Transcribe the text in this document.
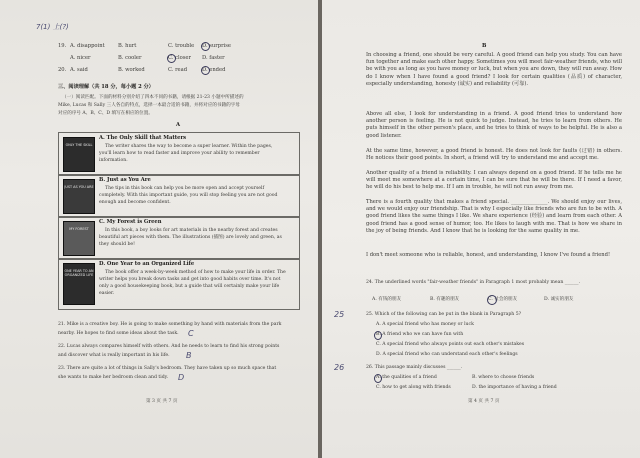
7(1) 上(?)
19. A. disappoint	B. hurt	C. trouble D. surprise
A. nicer	B. cooler	C. closer D. faster
20. A. said	B. worked	C. read	D. ended
三、阅读理解（共 18 分，每小题 2 分）
（一）阅读匹配。下面的材料分别介绍了四本不同的书籍，请根据 21-23 小题中所描述的
Mike, Lucas 和 Sally 三人各自的特点，选择一本最合适的书籍，并将对应的书籍的字母
对应的序号 A、B、C、D 填写在相应的位置。
A
ONLY THE SKILL
A. The Only Skill that Matters
The writer shares the way to become a super learner. Within the pages,
you'll learn how to read faster and improve your ability to remember
information.
JUST AS YOU ARE
B. Just as You Are
The tips in this book can help you be more open and accept yourself
completely. With this important guide, you will stop feeling you are not good
enough and become confident.
MY FOREST
C. My Forest is Green
In this book, a boy looks for art materials in the nearby forest and creates
beautiful art pieces with them. The illustrations (插图) are lovely and green, as
they should be!
ONE YEAR TO AN ORGANIZED LIFE
D. One Year to an Organized Life
The book offer a week-by-week method of how to make your life in order. The
writer helps you break down tasks and get into good habits over time. It's not
only a good housekeeping book, but a guide that will certainly make your life
easier.
21. Mike is a creative boy. He is going to make something by hand with materials from the park
nearby. He hopes to find some ideas about the task. C
22. Lucas always compares himself with others. And he needs to learn to find his strong points
and discover what is really important in his life. B
23. There are quite a lot of things in Sally's bedroom. They have taken up so much space that
she wants to make her bedroom clean and tidy. D
第 3 页 共 7 页
B
In choosing a friend, one should be very careful. A good friend can help you study. You can have fun together and make each other happy. Sometimes you will meet fair-weather friends, who will be with you as long as you have money or luck, but when you are down, they will run away. How do I know when I have found a good friend? I look for certain qualities (品质) of character, especially understanding, honesty (诚实) and reliability (可靠).
Above all else, I look for understanding in a friend. A good friend tries to understand how another person is feeling. He is not quick to judge. Instead, he tries to learn from others. He puts himself in the other person's place, and he tries to think of ways to be helpful. He is also a good listener.
At the same time, however, a good friend is honest. He does not look for faults (过错) in others. He notices their good points. In short, a friend will try to understand me and accept me.
Another quality of a friend is reliability. I can always depend on a good friend. If he tells me he will meet me somewhere at a certain time, I can be sure that he will be there. If I need a favor, he will do his best to help me. If I am in trouble, he will not run away from me.
There is a fourth quality that makes a friend special. ______________. We should enjoy our lives, and we would enjoy our friendship. That is why I especially like friends who are fun to be with. A good friend likes the same things I like. We share experience (经验) and learn from each other. A good friend has a good sense of humor, too. He likes to laugh with me. That is how we share in the joy of being friends. And I know that he is looking for the same quality in me.
I don't meet someone who is reliable, honest, and understanding, I know I've found a friend!
24. The underlined words "fair-weather friends" in Paragraph 1 most probably mean ______.
A. 有钱的朋友	B. 有趣的朋友	C. 社会的朋友	D. 诚实的朋友
25	25. Which of the following can be put in the blank in Paragraph 5?
A. A special friend who has money or luck
B. A friend who we can have fun with
C. A special friend who always points out each other's mistakes
D. A special friend who can understand each other's feelings
26	26. This passage mainly discusses ______.
A. the qualities of a friend	B. where to choose friends
C. how to get along with friends	D. the importance of having a friend
第 4 页 共 7 页
